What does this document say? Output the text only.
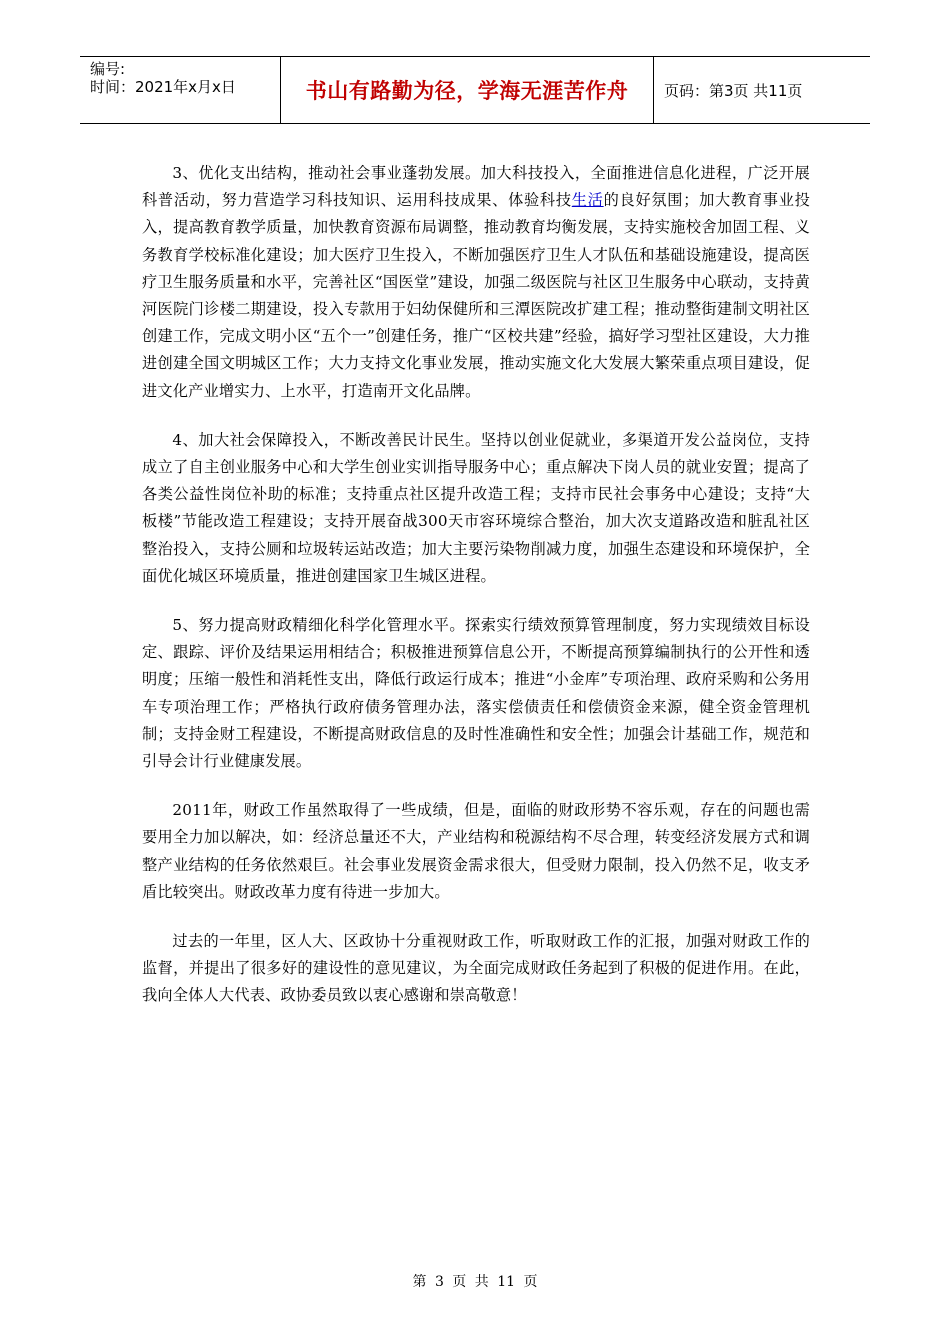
编号:
时间：2021年x月x日	书山有路勤为径，学海无涯苦作舟	页码：第3页 共11页

3、优化支出结构，推动社会事业蓬勃发展。加大科技投入，全面推进信息化进程，广泛开展科普活动，努力营造学习科技知识、运用科技成果、体验科技生活的良好氛围；加大教育事业投入，提高教育教学质量，加快教育资源布局调整，推动教育均衡发展，支持实施校舍加固工程、义务教育学校标准化建设；加大医疗卫生投入，不断加强医疗卫生人才队伍和基础设施建设，提高医疗卫生服务质量和水平，完善社区“国医堂”建设，加强二级医院与社区卫生服务中心联动，支持黄河医院门诊楼二期建设，投入专款用于妇幼保健所和三潭医院改扩建工程；推动整街建制文明社区创建工作，完成文明小区“五个一”创建任务，推广“区校共建”经验，搞好学习型社区建设，大力推进创建全国文明城区工作；大力支持文化事业发展，推动实施文化大发展大繁荣重点项目建设，促进文化产业增实力、上水平，打造南开文化品牌。

4、加大社会保障投入，不断改善民计民生。坚持以创业促就业，多渠道开发公益岗位，支持成立了自主创业服务中心和大学生创业实训指导服务中心；重点解决下岗人员的就业安置；提高了各类公益性岗位补助的标准；支持重点社区提升改造工程；支持市民社会事务中心建设；支持“大板楼”节能改造工程建设；支持开展奋战300天市容环境综合整治，加大次支道路改造和脏乱社区整治投入，支持公厕和垃圾转运站改造；加大主要污染物削减力度，加强生态建设和环境保护，全面优化城区环境质量，推进创建国家卫生城区进程。

5、努力提高财政精细化科学化管理水平。探索实行绩效预算管理制度，努力实现绩效目标设定、跟踪、评价及结果运用相结合；积极推进预算信息公开，不断提高预算编制执行的公开性和透明度；压缩一般性和消耗性支出，降低行政运行成本；推进“小金库”专项治理、政府采购和公务用车专项治理工作；严格执行政府债务管理办法，落实偿债责任和偿债资金来源，健全资金管理机制；支持金财工程建设，不断提高财政信息的及时性准确性和安全性；加强会计基础工作，规范和引导会计行业健康发展。

2011年，财政工作虽然取得了一些成绩，但是，面临的财政形势不容乐观，存在的问题也需要用全力加以解决，如：经济总量还不大，产业结构和税源结构不尽合理，转变经济发展方式和调整产业结构的任务依然艰巨。社会事业发展资金需求很大，但受财力限制，投入仍然不足，收支矛盾比较突出。财政改革力度有待进一步加大。

过去的一年里，区人大、区政协十分重视财政工作，听取财政工作的汇报，加强对财政工作的监督，并提出了很多好的建设性的意见建议，为全面完成财政任务起到了积极的促进作用。在此，我向全体人大代表、政协委员致以衷心感谢和崇高敬意！

第 3 页 共 11 页
